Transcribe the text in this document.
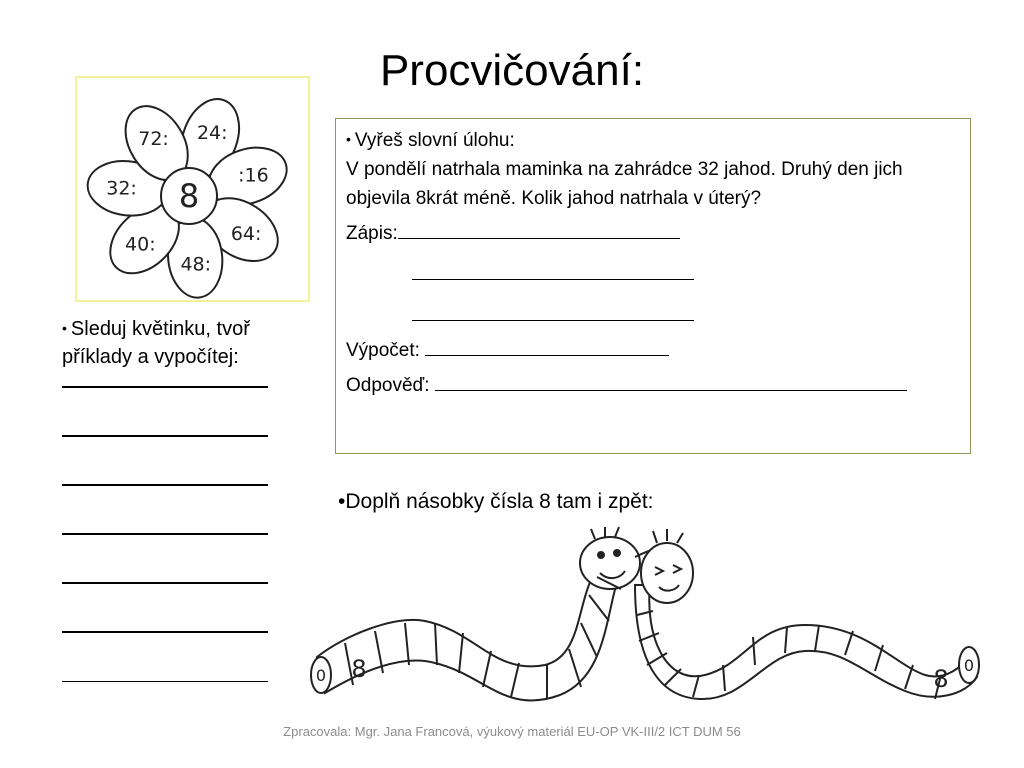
Procvičování:
24:
:16
64:
48:
40:
32:
72:
8
• Sleduj květinku, tvoř příklady a vypočítej:
• Vyřeš slovní úlohu:
V pondělí natrhala maminka na zahrádce 32 jahod. Druhý den jich objevila 8krát méně. Kolik jahod natrhala v úterý?
Zápis:
Výpočet:
Odpověď:
•Doplň násobky čísla 8 tam i zpět:
0 8	0
8
Zpracovala: Mgr. Jana Francová, výukový materiál EU-OP VK-III/2 ICT DUM 56
